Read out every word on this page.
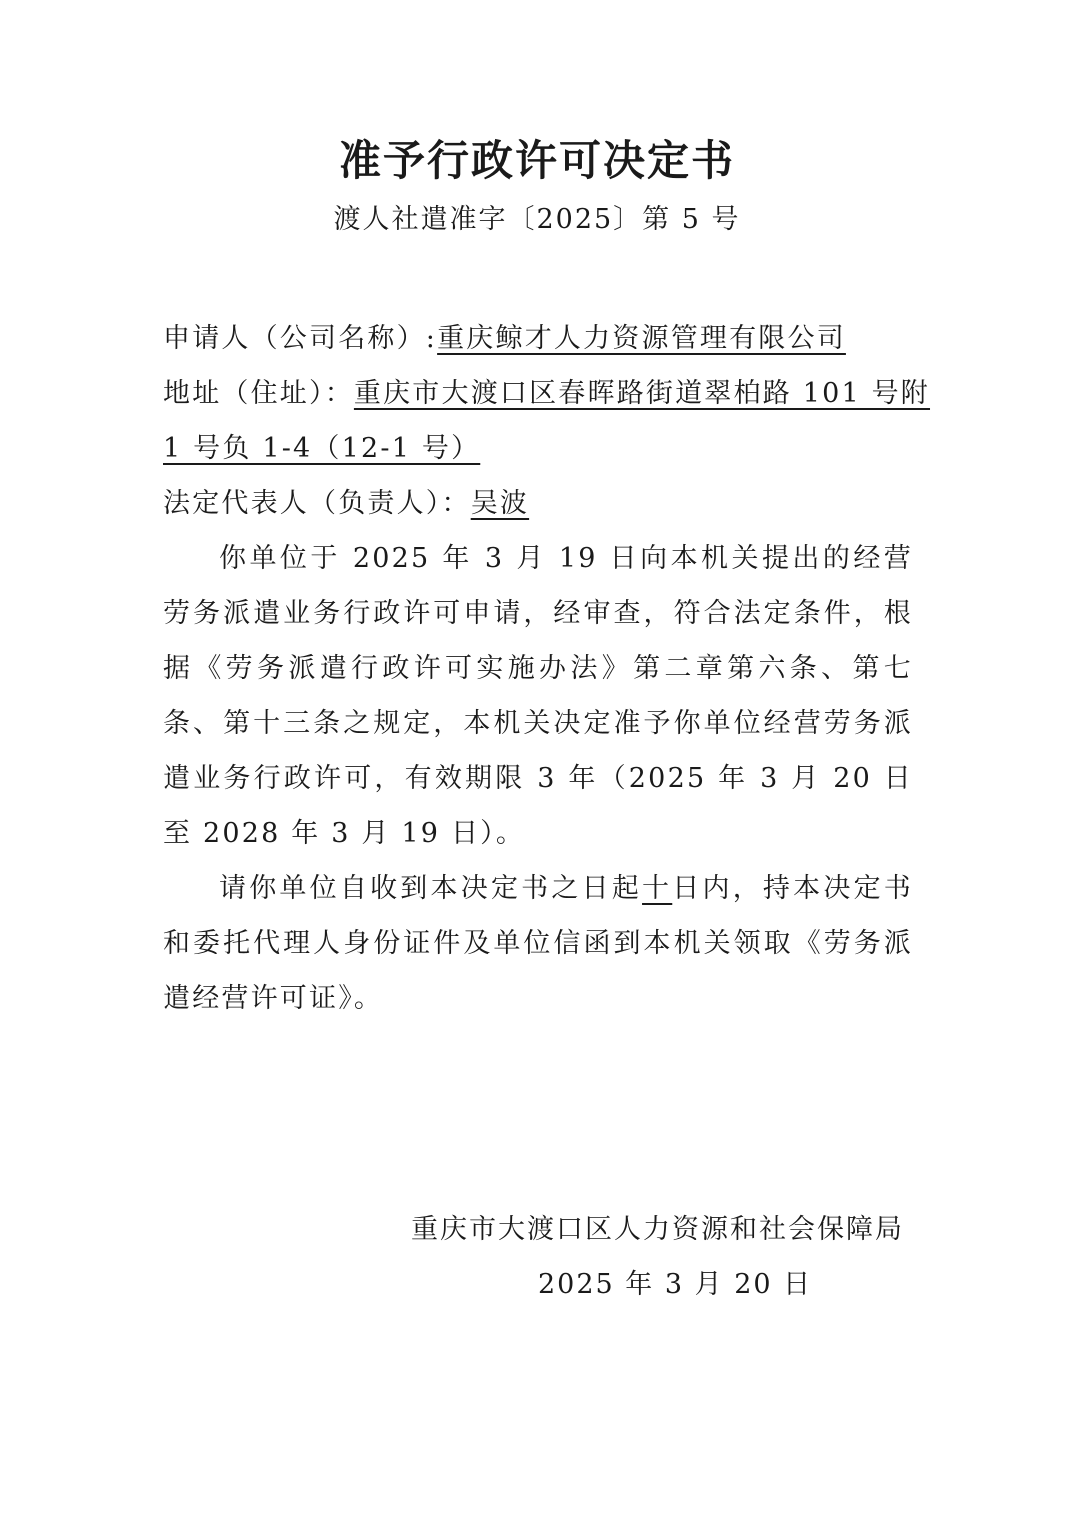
准予行政许可决定书
渡人社遣准字〔2025〕第 5 号
申请人（公司名称）:重庆鲸才人力资源管理有限公司
地址（住址）：重庆市大渡口区春晖路街道翠柏路 101 号附
1 号负 1-4（12-1 号）
法定代表人（负责人）：吴波
你单位于 2025 年 3 月 19 日向本机关提出的经营劳务派遣业务行政许可申请，经审查，符合法定条件，根据《劳务派遣行政许可实施办法》第二章第六条、第七条、第十三条之规定，本机关决定准予你单位经营劳务派遣业务行政许可，有效期限 3 年（2025 年 3 月 20 日至 2028 年 3 月 19 日）。
请你单位自收到本决定书之日起十日内，持本决定书和委托代理人身份证件及单位信函到本机关领取《劳务派遣经营许可证》。
重庆市大渡口区人力资源和社会保障局
2025 年 3 月 20 日
